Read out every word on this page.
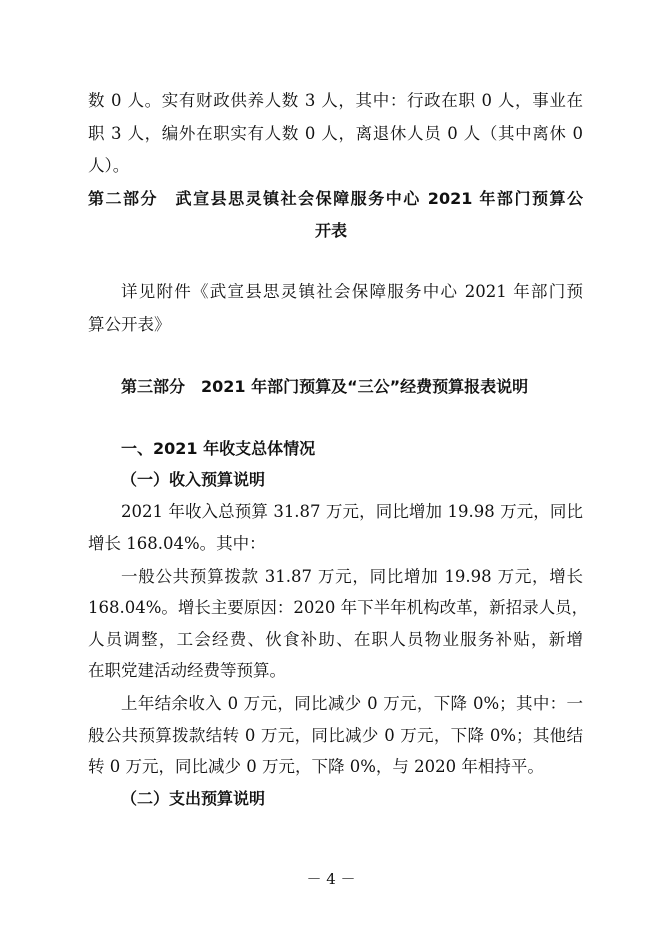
数 0 人。实有财政供养人数 3 人，其中：行政在职 0 人，事业在
职 3 人，编外在职实有人数 0 人，离退休人员 0 人（其中离休 0
人）。
第二部分　武宣县思灵镇社会保障服务中心 2021 年部门预算公
开表
详见附件《武宣县思灵镇社会保障服务中心 2021 年部门预
算公开表》
第三部分　2021 年部门预算及“三公”经费预算报表说明
一、2021 年收支总体情况
（一）收入预算说明
2021 年收入总预算 31.87 万元，同比增加 19.98 万元，同比
增长 168.04%。其中：
一般公共预算拨款 31.87 万元，同比增加 19.98 万元，增长
168.04%。增长主要原因：2020 年下半年机构改革，新招录人员，
人员调整，工会经费、伙食补助、在职人员物业服务补贴，新增
在职党建活动经费等预算。
上年结余收入 0 万元，同比减少 0 万元，下降 0%；其中：一
般公共预算拨款结转 0 万元，同比减少 0 万元，下降 0%；其他结
转 0 万元，同比减少 0 万元，下降 0%，与 2020 年相持平。
（二）支出预算说明
－ 4 －
